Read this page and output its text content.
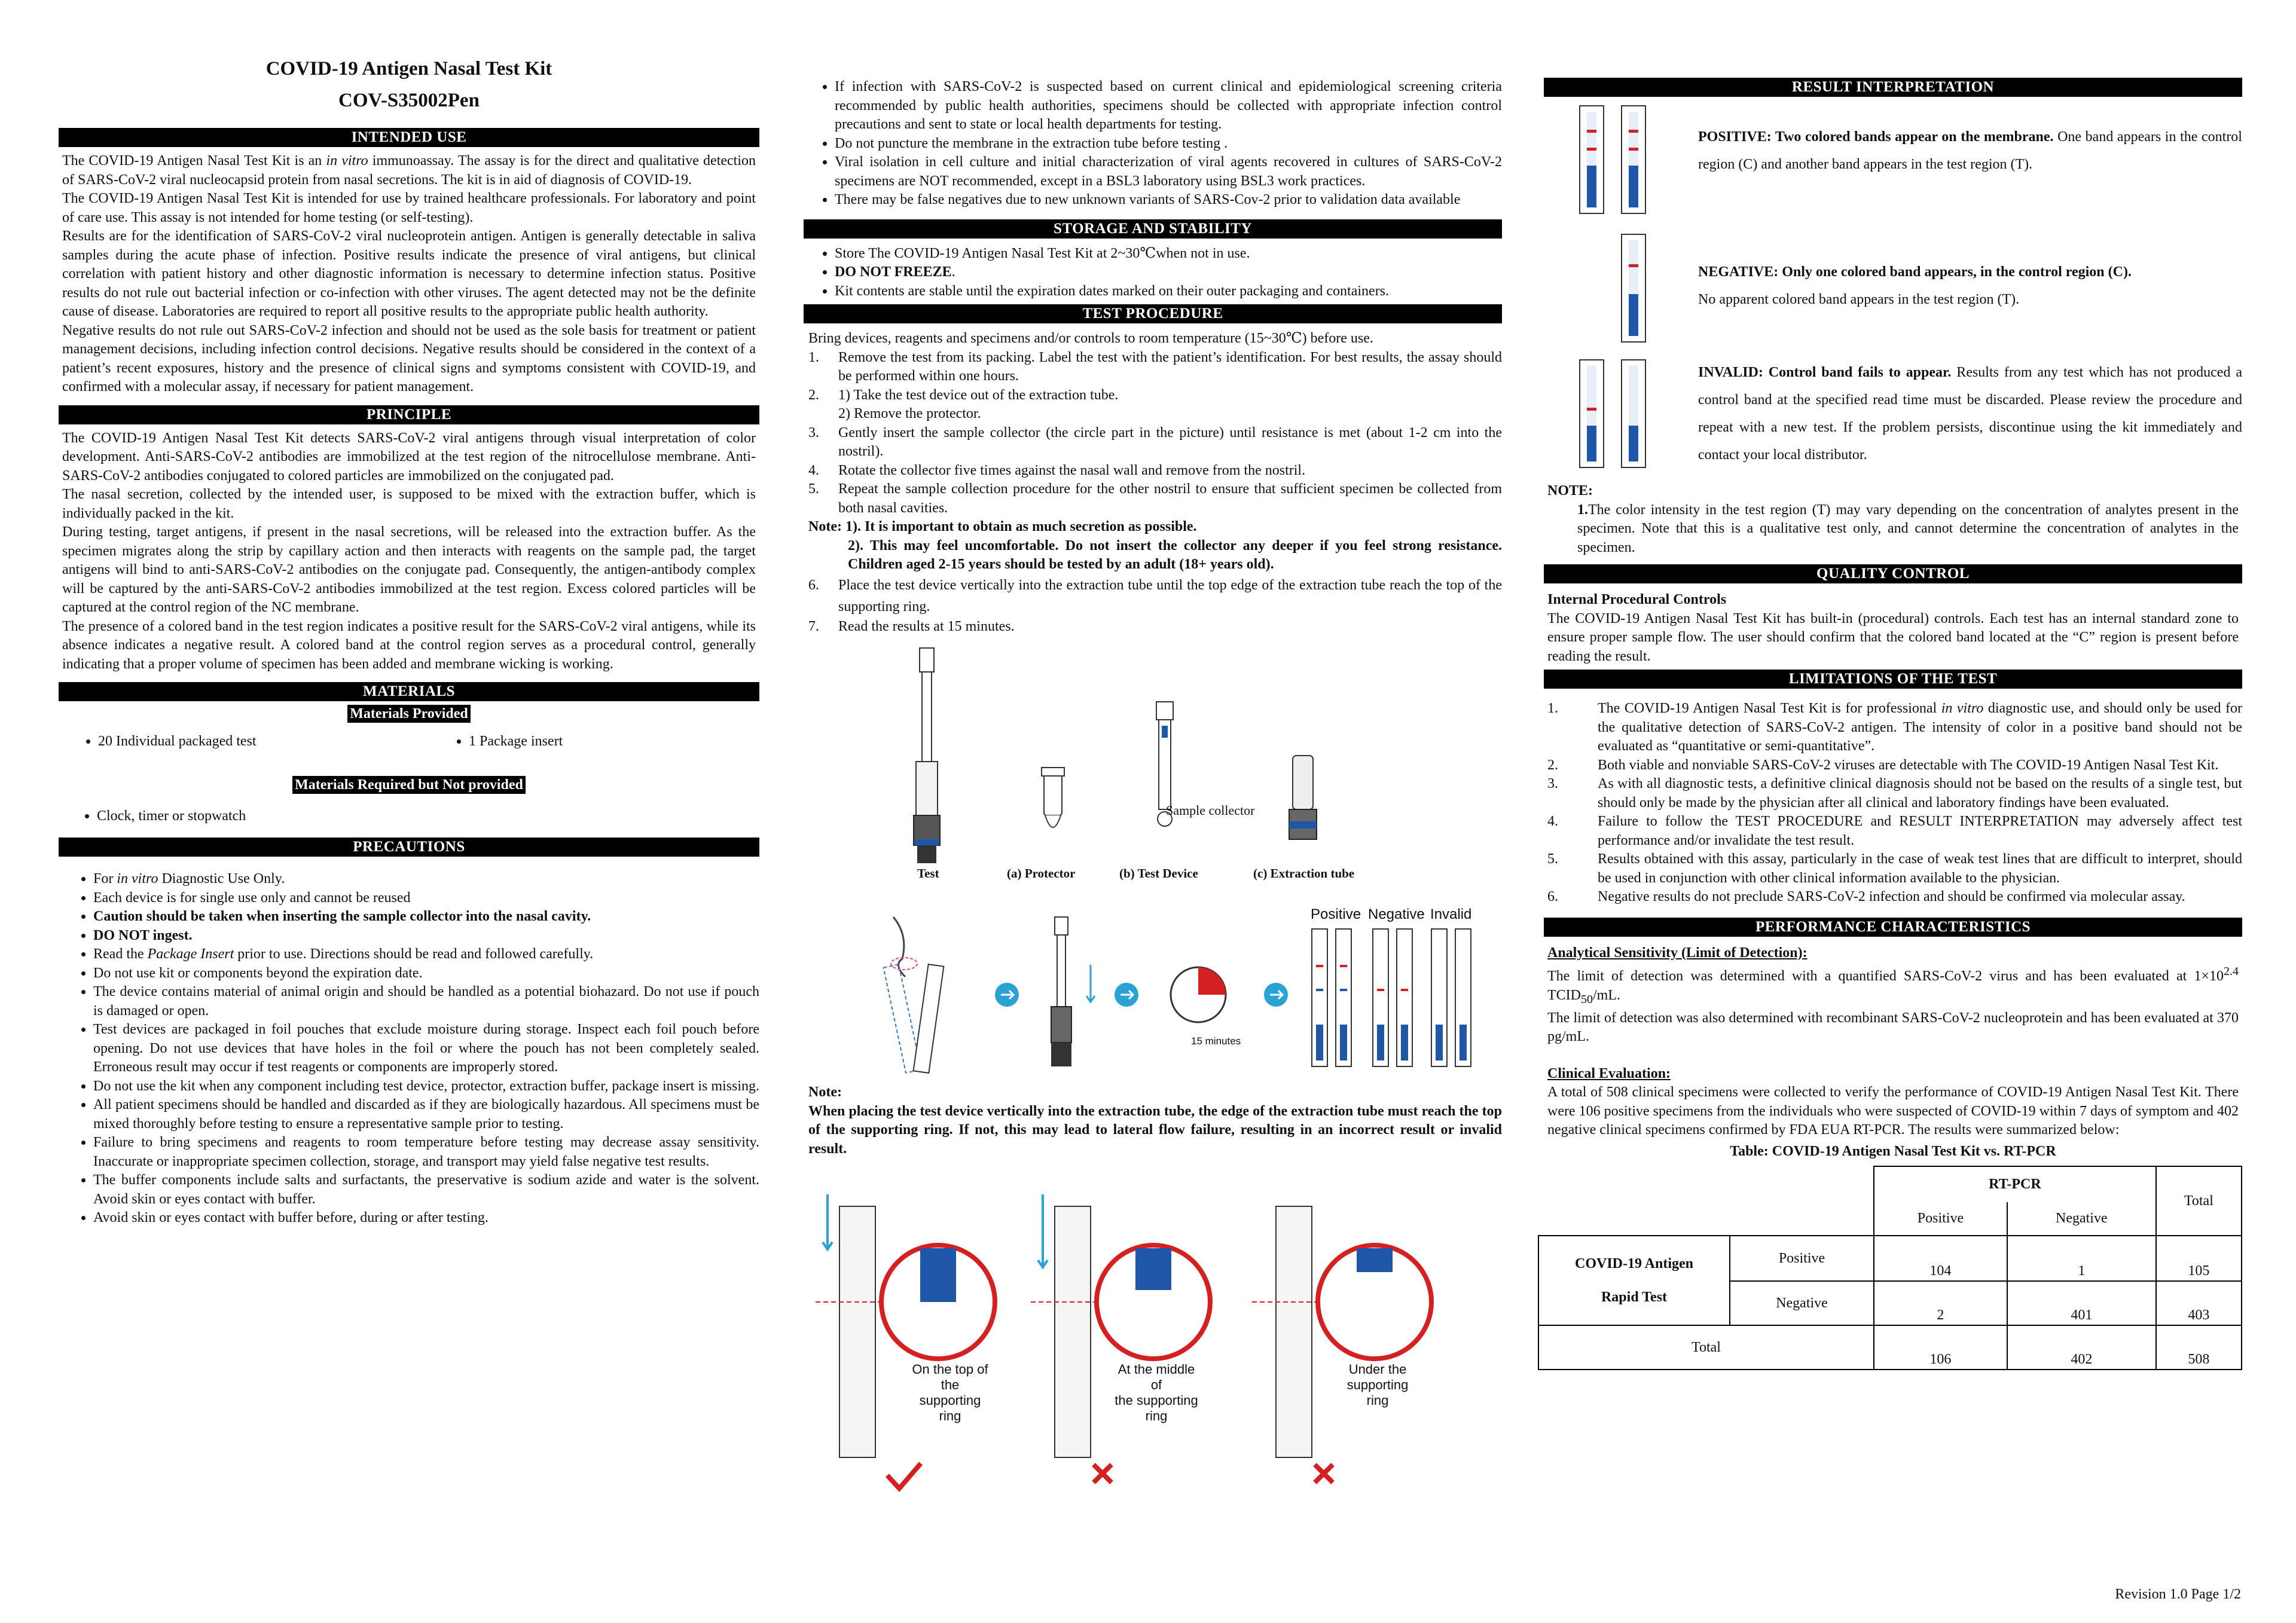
COVID-19 Antigen Nasal Test Kit
COV-S35002Pen
INTENDED USE

The COVID-19 Antigen Nasal Test Kit is an in vitro immunoassay. The assay is for the direct and qualitative detection of SARS-CoV-2 viral nucleocapsid protein from nasal secretions. The kit is in aid of diagnosis of COVID-19.

The COVID-19 Antigen Nasal Test Kit is intended for use by trained healthcare professionals. For laboratory and point of care use. This assay is not intended for home testing (or self-testing).

Results are for the identification of SARS-CoV-2 viral nucleoprotein antigen. Antigen is generally detectable in saliva samples during the acute phase of infection. Positive results indicate the presence of viral antigens, but clinical correlation with patient history and other diagnostic information is necessary to determine infection status. Positive results do not rule out bacterial infection or co-infection with other viruses. The agent detected may not be the definite cause of disease. Laboratories are required to report all positive results to the appropriate public health authority.

Negative results do not rule out SARS-CoV-2 infection and should not be used as the sole basis for treatment or patient management decisions, including infection control decisions. Negative results should be considered in the context of a patient’s recent exposures, history and the presence of clinical signs and symptoms consistent with COVID-19, and confirmed with a molecular assay, if necessary for patient management.

PRINCIPLE

The COVID-19 Antigen Nasal Test Kit detects SARS-CoV-2 viral antigens through visual interpretation of color development. Anti-SARS-CoV-2 antibodies are immobilized at the test region of the nitrocellulose membrane. Anti-SARS-CoV-2 antibodies conjugated to colored particles are immobilized on the conjugated pad.

The nasal secretion, collected by the intended user, is supposed to be mixed with the extraction buffer, which is individually packed in the kit.

During testing, target antigens, if present in the nasal secretions, will be released into the extraction buffer. As the specimen migrates along the strip by capillary action and then interacts with reagents on the sample pad, the target antigens will bind to anti-SARS-CoV-2 antibodies on the conjugate pad. Consequently, the antigen-antibody complex will be captured by the anti-SARS-CoV-2 antibodies immobilized at the test region. Excess colored particles will be captured at the control region of the NC membrane.

The presence of a colored band in the test region indicates a positive result for the SARS-CoV-2 viral antigens, while its absence indicates a negative result. A colored band at the control region serves as a procedural control, generally indicating that a proper volume of specimen has been added and membrane wicking is working.

MATERIALS
Materials Provided
• 20 Individual packaged test	• 1 Package insert
Materials Required but Not provided
• Clock, timer or stopwatch
PRECAUTIONS
• For in vitro Diagnostic Use Only.
• Each device is for single use only and cannot be reused
• Caution should be taken when inserting the sample collector into the nasal cavity.
• DO NOT ingest.
• Read the Package Insert prior to use. Directions should be read and followed carefully.
• Do not use kit or components beyond the expiration date.
• The device contains material of animal origin and should be handled as a potential biohazard. Do not use if pouch is damaged or open.
• Test devices are packaged in foil pouches that exclude moisture during storage. Inspect each foil pouch before opening. Do not use devices that have holes in the foil or where the pouch has not been completely sealed. Erroneous result may occur if test reagents or components are improperly stored.
• Do not use the kit when any component including test device, protector, extraction buffer, package insert is missing.
• All patient specimens should be handled and discarded as if they are biologically hazardous. All specimens must be mixed thoroughly before testing to ensure a representative sample prior to testing.
• Failure to bring specimens and reagents to room temperature before testing may decrease assay sensitivity. Inaccurate or inappropriate specimen collection, storage, and transport may yield false negative test results.
• The buffer components include salts and surfactants, the preservative is sodium azide and water is the solvent. Avoid skin or eyes contact with buffer.
• Avoid skin or eyes contact with buffer before, during or after testing.
• If infection with SARS-CoV-2 is suspected based on current clinical and epidemiological screening criteria recommended by public health authorities, specimens should be collected with appropriate infection control precautions and sent to state or local health departments for testing.
• Do not puncture the membrane in the extraction tube before testing .
• Viral isolation in cell culture and initial characterization of viral agents recovered in cultures of SARS-CoV-2 specimens are NOT recommended, except in a BSL3 laboratory using BSL3 work practices.
• There may be false negatives due to new unknown variants of SARS-Cov-2 prior to validation data available
STORAGE AND STABILITY
• Store The COVID-19 Antigen Nasal Test Kit at 2~30℃when not in use.
• DO NOT FREEZE.
• Kit contents are stable until the expiration dates marked on their outer packaging and containers.
TEST PROCEDURE

Bring devices, reagents and specimens and/or controls to room temperature (15~30℃) before use.

1. Remove the test from its packing. Label the test with the patient’s identification. For best results, the assay should be performed within one hours.
2. 1) Take the test device out of the extraction tube.
2) Remove the protector.
3. Gently insert the sample collector (the circle part in the picture) until resistance is met (about 1-2 cm into the nostril).
4. Rotate the collector five times against the nasal wall and remove from the nostril.
5. Repeat the sample collection procedure for the other nostril to ensure that sufficient specimen be collected from both nasal cavities.

Note: 1). It is important to obtain as much secretion as possible.

2). This may feel uncomfortable. Do not insert the collector any deeper if you feel strong resistance. Children aged 2-15 years should be tested by an adult (18+ years old).

6. Place the test device vertically into the extraction tube until the top edge of the extraction tube reach the top of the supporting ring.
7. Read the results at 15 minutes.
Sample collector
Test	(a) Protector	(b) Test Device	(c) Extraction tube
15 minutes
Positive Negative Invalid

Note:

When placing the test device vertically into the extraction tube, the edge of the extraction tube must reach the top of the supporting ring. If not, this may lead to lateral flow failure, resulting in an incorrect result or invalid result.

On the top of
the supporting ring
At the middle of
the supporting ring
Under the
supporting ring
RESULT INTERPRETATION
POSITIVE: Two colored bands appear on the membrane. One band appears in the control region (C) and another band appears in the test region (T).
NEGATIVE: Only one colored band appears, in the control region (C).
No apparent colored band appears in the test region (T).
INVALID: Control band fails to appear. Results from any test which has not produced a control band at the specified read time must be discarded. Please review the procedure and repeat with a new test. If the problem persists, discontinue using the kit immediately and contact your local distributor.

NOTE:

1.The color intensity in the test region (T) may vary depending on the concentration of analytes present in the specimen. Note that this is a qualitative test only, and cannot determine the concentration of analytes in the specimen.
QUALITY CONTROL

Internal Procedural Controls

The COVID-19 Antigen Nasal Test Kit has built-in (procedural) controls. Each test has an internal standard zone to ensure proper sample flow. The user should confirm that the colored band located at the “C” region is present before reading the result.

LIMITATIONS OF THE TEST
1.	The COVID-19 Antigen Nasal Test Kit is for professional in vitro diagnostic use, and should only be used for the qualitative detection of SARS-CoV-2 antigen. The intensity of color in a positive band should not be evaluated as “quantitative or semi-quantitative”.
2.	Both viable and nonviable SARS-CoV-2 viruses are detectable with The COVID-19 Antigen Nasal Test Kit.
3.	As with all diagnostic tests, a definitive clinical diagnosis should not be based on the results of a single test, but should only be made by the physician after all clinical and laboratory findings have been evaluated.
4.	Failure to follow the TEST PROCEDURE and RESULT INTERPRETATION may adversely affect test performance and/or invalidate the test result.
5.	Results obtained with this assay, particularly in the case of weak test lines that are difficult to interpret, should be used in conjunction with other clinical information available to the physician.
6.	Negative results do not preclude SARS-CoV-2 infection and should be confirmed via molecular assay.
PERFORMANCE CHARACTERISTICS

Analytical Sensitivity (Limit of Detection):

The limit of detection was determined with a quantified SARS-CoV-2 virus and has been evaluated at $1\times 10^{2.4}$ $TCID_{50}/mL$.

The limit of detection was also determined with recombinant SARS-CoV-2 nucleoprotein and has been evaluated at 370 pg/mL.

Clinical Evaluation:

A total of 508 clinical specimens were collected to verify the performance of COVID-19 Antigen Nasal Test Kit. There were 106 positive specimens from the individuals who were suspected of COVID-19 within 7 days of symptom and 402 negative clinical specimens confirmed by FDA EUA RT-PCR. The results were summarized below:

Table: COVID-19 Antigen Nasal Test Kit vs. RT-PCR

		RT-PCR		Total
		Positive	Negative	
COVID-19 Antigen
Rapid Test	Positive	104	1	105
	Negative	2	401	403
Total		106	402	508
Revision 1.0 Page 1/2
